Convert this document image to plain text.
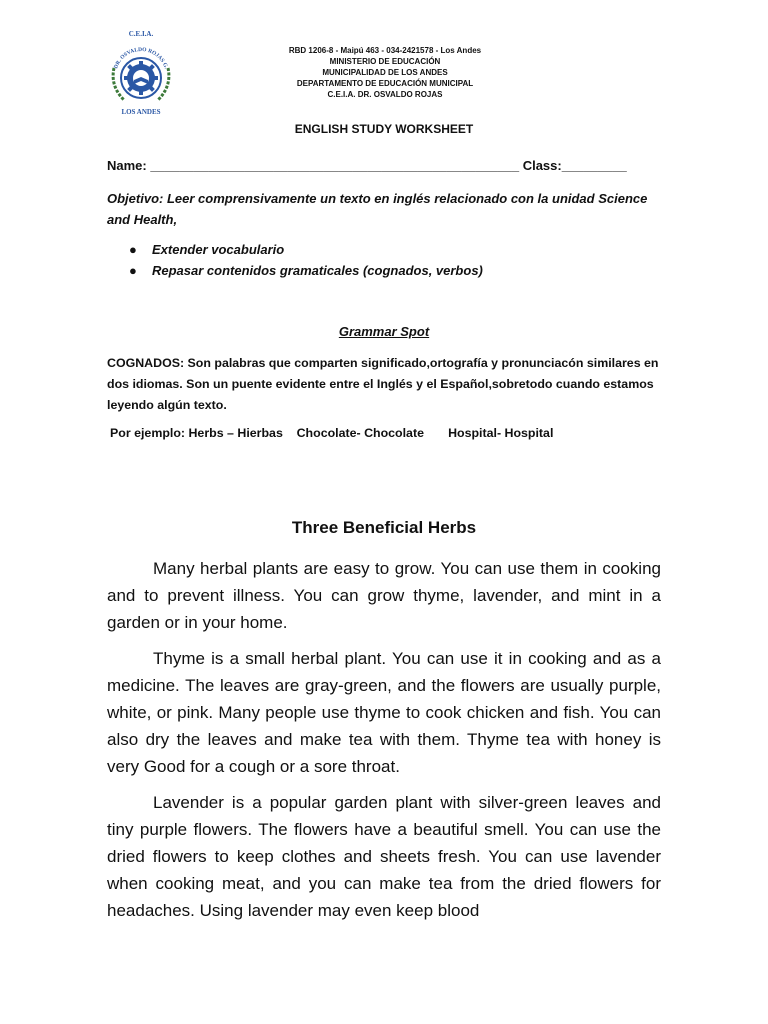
C.E.I.A.
DR. OSVALDO ROJAS G.
LOS ANDES
RBD 1206-8 - Maipú 463 - 034-2421578 - Los Andes
MINISTERIO DE EDUCACIÓN
MUNICIPALIDAD DE LOS ANDES
DEPARTAMENTO DE EDUCACIÓN MUNICIPAL
C.E.I.A. DR. OSVALDO ROJAS
ENGLISH STUDY WORKSHEET
Name: ___________________________________________________ Class:_________
Objetivo: Leer comprensivamente un texto en inglés relacionado con la unidad Science and Health,
● Extender vocabulario
● Repasar contenidos gramaticales (cognados, verbos)
Grammar Spot
COGNADOS: Son palabras que comparten significado,ortografía y pronunciacón similares en dos idiomas. Son un puente evidente entre el Inglés y el Español,sobretodo cuando estamos leyendo algún texto.
Por ejemplo: Herbs – Hierbas    Chocolate- Chocolate       Hospital- Hospital
Three Beneficial Herbs

Many herbal plants are easy to grow. You can use them in cooking and to prevent illness. You can grow thyme, lavender, and mint in a garden or in your home.

Thyme is a small herbal plant. You can use it in cooking and as a medicine. The leaves are gray-green, and the flowers are usually purple, white, or pink. Many people use thyme to cook chicken and fish. You can also dry the leaves and make tea with them. Thyme tea with honey is very Good for a cough or a sore throat.

Lavender is a popular garden plant with silver-green leaves and tiny purple flowers. The flowers have a beautiful smell. You can use the dried flowers to keep clothes and sheets fresh. You can use lavender when cooking meat, and you can make tea from the dried flowers for headaches. Using lavender may even keep blood
